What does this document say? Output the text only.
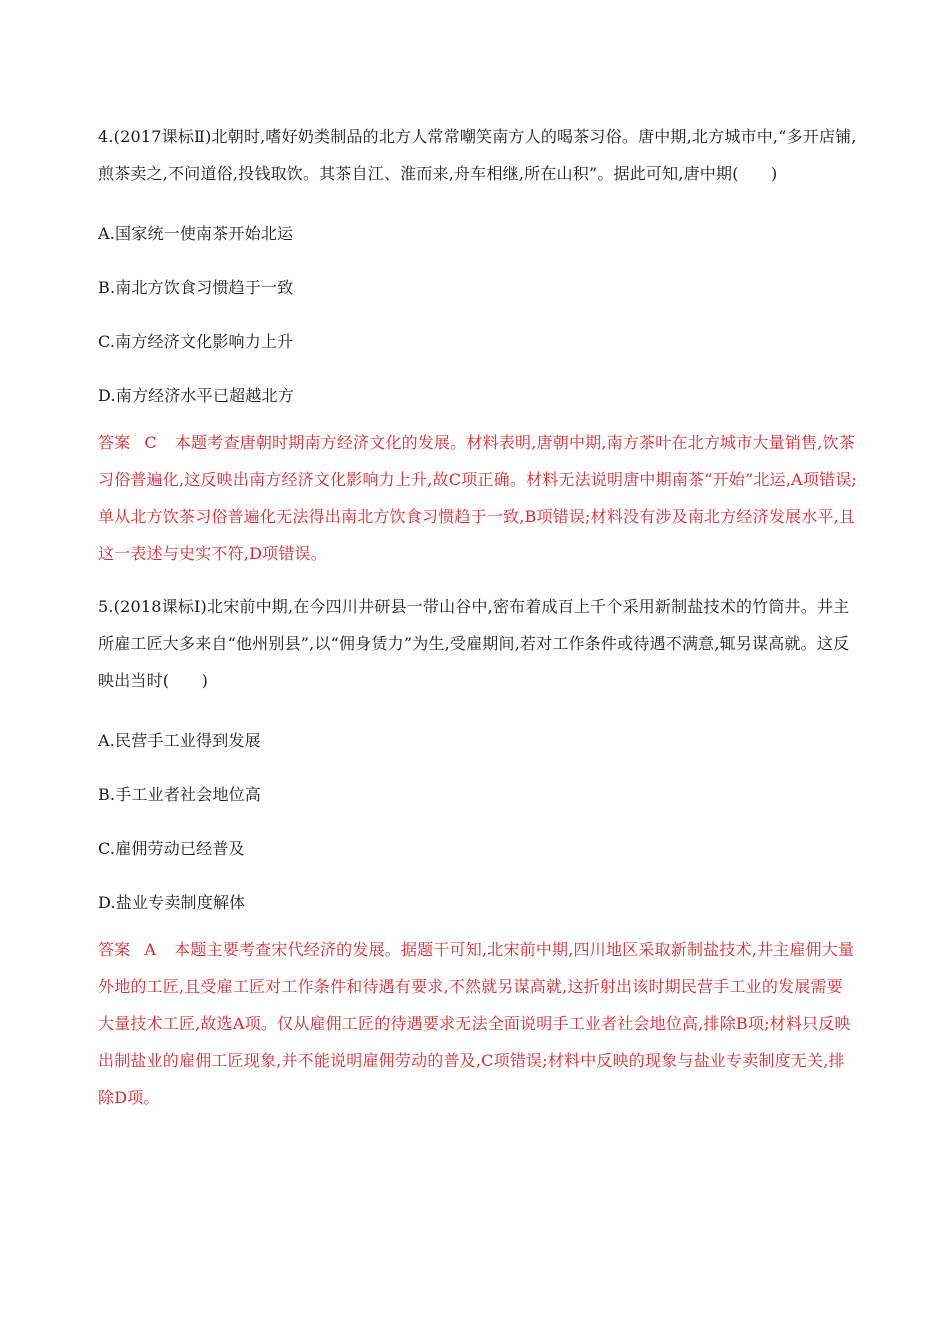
4.(2017课标Ⅱ)北朝时,嗜好奶类制品的北方人常常嘲笑南方人的喝茶习俗。唐中期,北方城市中,“多开店铺,煎茶卖之,不问道俗,投钱取饮。其茶自江、淮而来,舟车相继,所在山积”。据此可知,唐中期(　　)

A.国家统一使南茶开始北运

B.南北方饮食习惯趋于一致

C.南方经济文化影响力上升

D.南方经济水平已超越北方

答案 C 本题考查唐朝时期南方经济文化的发展。材料表明,唐朝中期,南方茶叶在北方城市大量销售,饮茶习俗普遍化,这反映出南方经济文化影响力上升,故C项正确。材料无法说明唐中期南茶“开始”北运,A项错误;单从北方饮茶习俗普遍化无法得出南北方饮食习惯趋于一致,B项错误;材料没有涉及南北方经济发展水平,且这一表述与史实不符,D项错误。

5.(2018课标Ⅰ)北宋前中期,在今四川井研县一带山谷中,密布着成百上千个采用新制盐技术的竹筒井。井主所雇工匠大多来自“他州别县”,以“佣身赁力”为生,受雇期间,若对工作条件或待遇不满意,辄另谋高就。这反映出当时(　　)

A.民营手工业得到发展

B.手工业者社会地位高

C.雇佣劳动已经普及

D.盐业专卖制度解体

答案 A 本题主要考查宋代经济的发展。据题干可知,北宋前中期,四川地区采取新制盐技术,井主雇佣大量外地的工匠,且受雇工匠对工作条件和待遇有要求,不然就另谋高就,这折射出该时期民营手工业的发展需要大量技术工匠,故选A项。仅从雇佣工匠的待遇要求无法全面说明手工业者社会地位高,排除B项;材料只反映出制盐业的雇佣工匠现象,并不能说明雇佣劳动的普及,C项错误;材料中反映的现象与盐业专卖制度无关,排除D项。
